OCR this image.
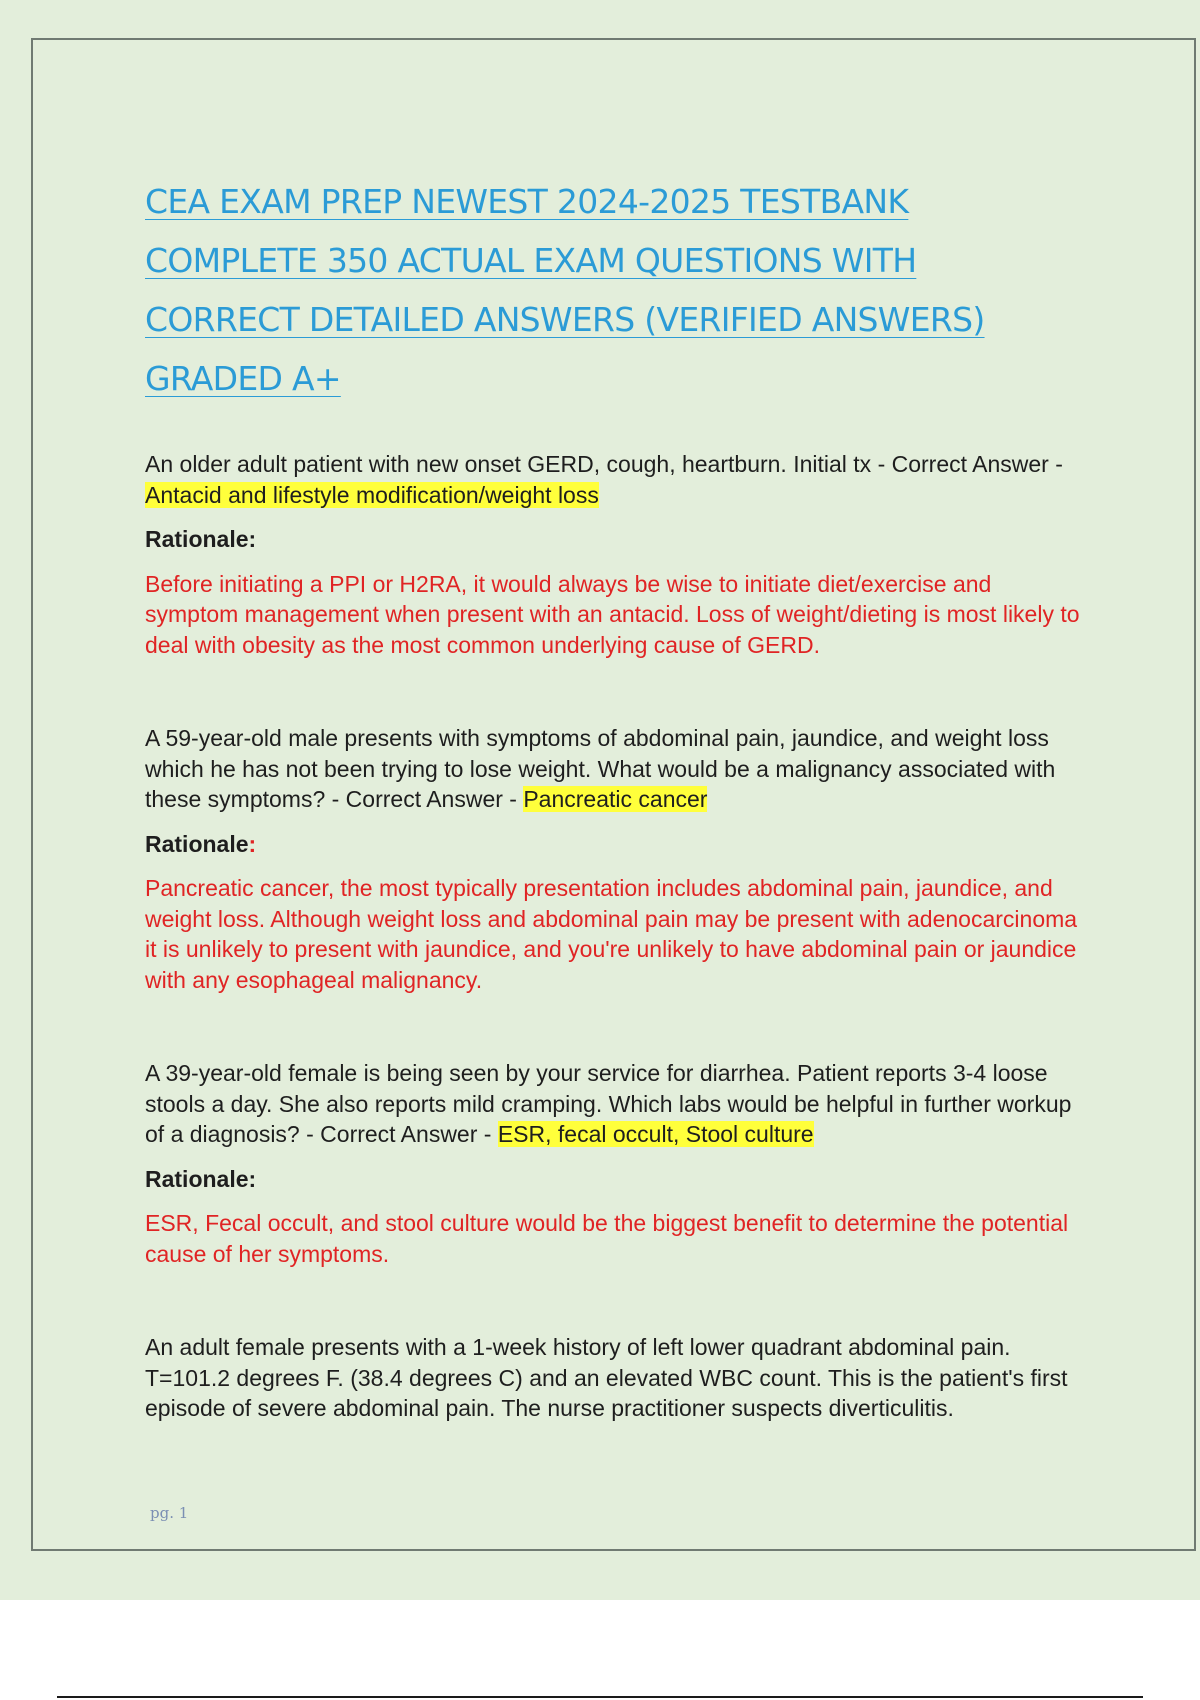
CEA EXAM PREP NEWEST 2024-2025 TESTBANK
COMPLETE 350 ACTUAL EXAM QUESTIONS WITH
CORRECT DETAILED ANSWERS (VERIFIED ANSWERS)
GRADED A+

An older adult patient with new onset GERD, cough, heartburn. Initial tx - Correct Answer - Antacid and lifestyle modification/weight loss

Rationale:

Before initiating a PPI or H2RA, it would always be wise to initiate diet/exercise and symptom management when present with an antacid. Loss of weight/dieting is most likely to deal with obesity as the most common underlying cause of GERD.

A 59-year-old male presents with symptoms of abdominal pain, jaundice, and weight loss which he has not been trying to lose weight. What would be a malignancy associated with these symptoms? - Correct Answer - Pancreatic cancer

Rationale:

Pancreatic cancer, the most typically presentation includes abdominal pain, jaundice, and weight loss. Although weight loss and abdominal pain may be present with adenocarcinoma it is unlikely to present with jaundice, and you're unlikely to have abdominal pain or jaundice with any esophageal malignancy.

A 39-year-old female is being seen by your service for diarrhea. Patient reports 3-4 loose stools a day. She also reports mild cramping. Which labs would be helpful in further workup of a diagnosis? - Correct Answer - ESR, fecal occult, Stool culture

Rationale:

ESR, Fecal occult, and stool culture would be the biggest benefit to determine the potential cause of her symptoms.

An adult female presents with a 1-week history of left lower quadrant abdominal pain. T=101.2 degrees F. (38.4 degrees C) and an elevated WBC count. This is the patient's first episode of severe abdominal pain. The nurse practitioner suspects diverticulitis.

pg. 1
